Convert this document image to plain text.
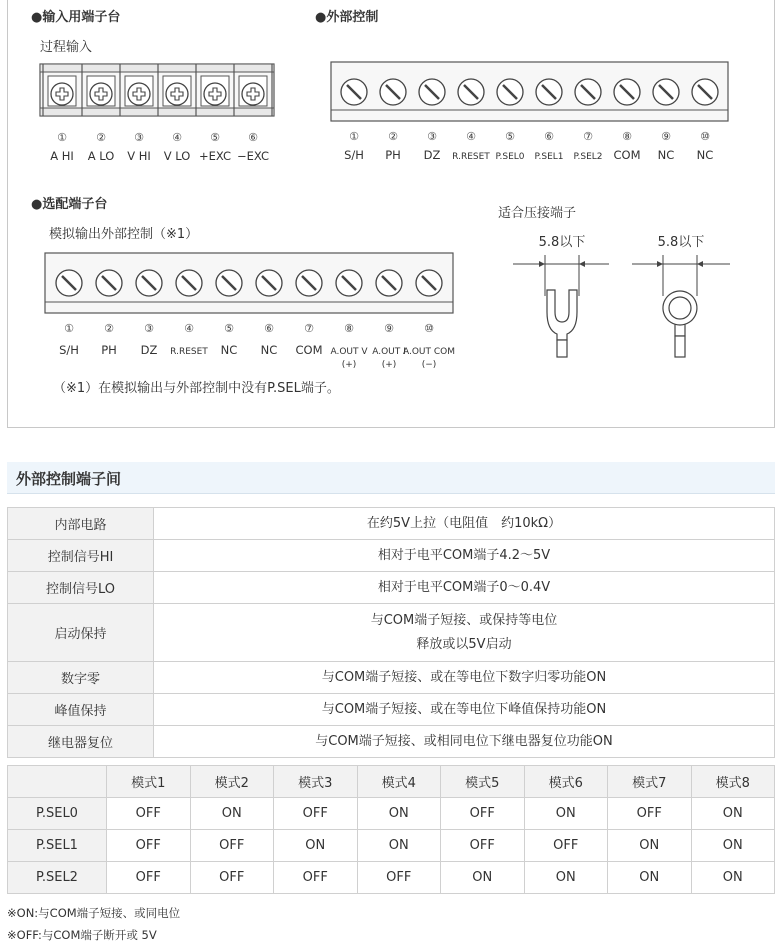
●输入用端子台
过程输入
①
A HI
②
A LO
③
V HI
④
V LO
⑤
+EXC
⑥
−EXC
●外部控制
①
S/H
②
PH
③
DZ
④
R.RESET
⑤
P.SEL0
⑥
P.SEL1
⑦
P.SEL2
⑧
COM
⑨
NC
⑩
NC
●选配端子台
模拟输出外部控制（※1）
①
S/H
②
PH
③
DZ
④
R.RESET
⑤
NC
⑥
NC
⑦
COM
⑧
A.OUT V
(+)
⑨
A.OUT I
(+)
⑩
A.OUT COM
(−)
（※1）在模拟输出与外部控制中没有P.SEL端子。
适合压接端子
5.8以下	5.8以下
外部控制端子间
内部电路	在约5V上拉（电阻值　约10kΩ）

控制信号HI	相对于电平COM端子4.2～5V

控制信号LO	相对于电平COM端子0～0.4V

启动保持	与COM端子短接、或保持等电位
释放或以5V启动

数字零	与COM端子短接、或在等电位下数字归零功能ON

峰值保持	与COM端子短接、或在等电位下峰值保持功能ON

继电器复位	与COM端子短接、或相同电位下继电器复位功能ON
	模式1	模式2	模式3	模式4	模式5	模式6	模式7	模式8
P.SEL0	OFF	ON	OFF	ON	OFF	ON	OFF	ON
P.SEL1	OFF	OFF	ON	ON	OFF	OFF	ON	ON
P.SEL2	OFF	OFF	OFF	OFF	ON	ON	ON	ON
※ON:与COM端子短接、或同电位
※OFF:与COM端子断开或 5V
